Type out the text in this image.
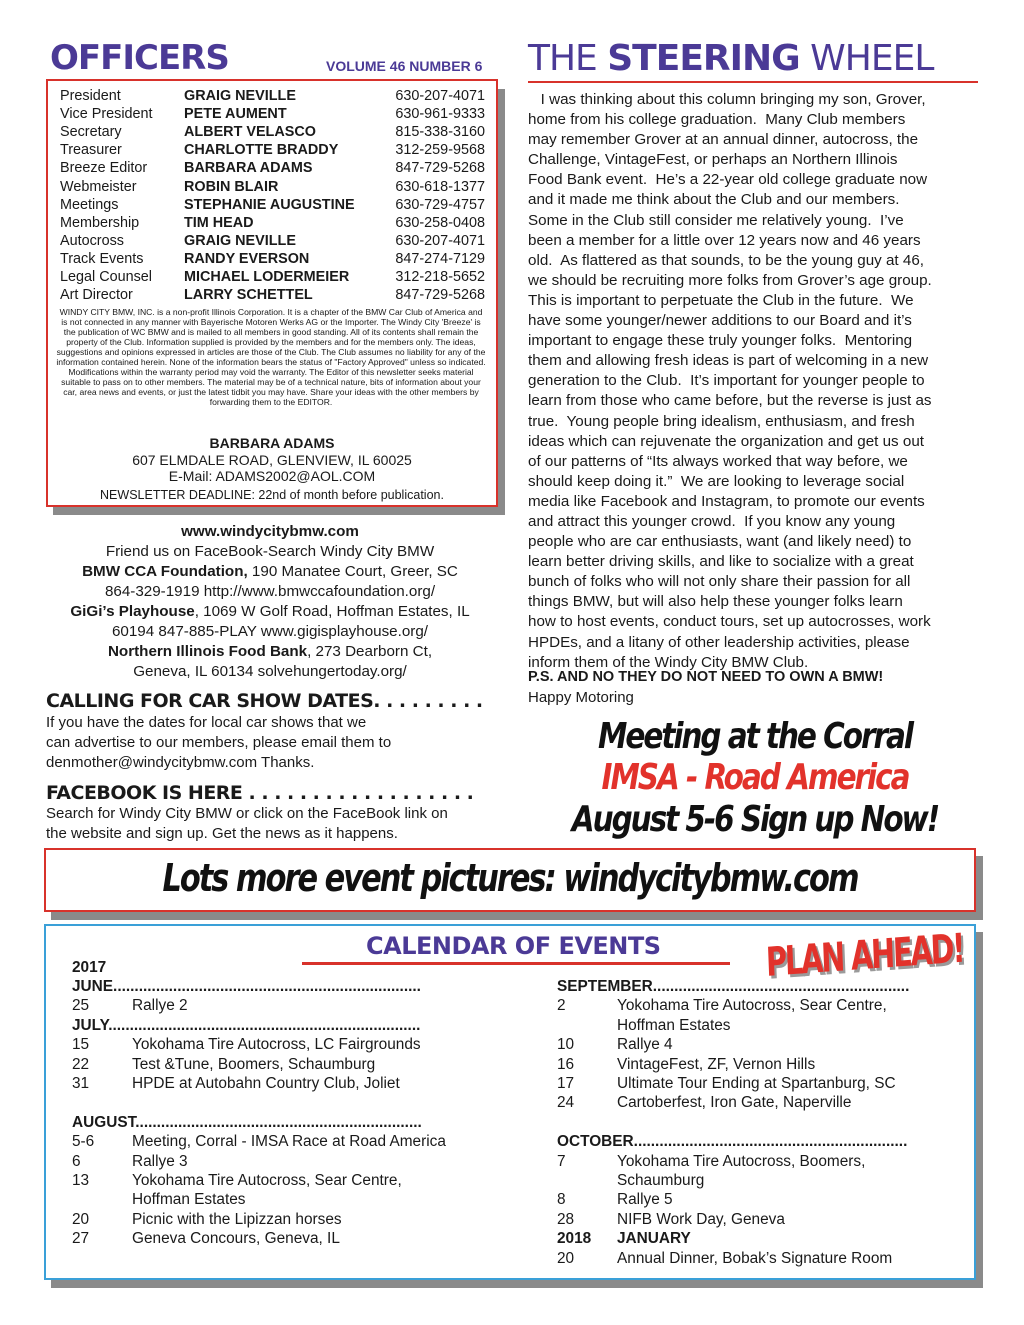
OFFICERS	VOLUME 46 NUMBER 6
President	GRAIG NEVILLE	630-207-4071
Vice President PETE AUMENT	630-961-9333
Secretary	ALBERT VELASCO	815-338-3160
Treasurer	CHARLOTTE BRADDY	312-259-9568
Breeze Editor	BARBARA ADAMS	847-729-5268
Webmeister	ROBIN BLAIR	630-618-1377
Meetings	STEPHANIE AUGUSTINE	630-729-4757
Membership	TIM HEAD	630-258-0408
Autocross	GRAIG NEVILLE	630-207-4071
Track Events	RANDY EVERSON	847-274-7129
Legal Counsel MICHAEL LODERMEIER	312-218-5652
Art Director	LARRY SCHETTEL	847-729-5268
WINDY CITY BMW, INC. is a non-profit Illinois Corporation. It is a chapter of the BMW Car Club of America and is not connected in any manner with Bayerische Motoren Werks AG or the Importer. The Windy City 'Breeze' is the publication of WC BMW and is mailed to all members in good standing. All of its contents shall remain the property of the Club. Information supplied is provided by the members and for the members only. The ideas, suggestions and opinions expressed in articles are those of the Club. The Club assumes no liability for any of the information contained herein. None of the information bears the status of "Factory Approved" unless so indicated. Modifications within the warranty period may void the warranty. The Editor of this newsletter seeks material suitable to pass on to other members. The material may be of a technical nature, bits of information about your car, area news and events, or just the latest tidbit you may have. Share your ideas with the other members by forwarding them to the EDITOR.
BARBARA ADAMS
607 ELMDALE ROAD, GLENVIEW, IL 60025
E-Mail: ADAMS2002@AOL.COM
NEWSLETTER DEADLINE: 22nd of month before publication.
www.windycitybmw.com
Friend us on FaceBook-Search Windy City BMW
BMW CCA Foundation, 190 Manatee Court, Greer, SC
864-329-1919 http://www.bmwccafoundation.org/
GiGi’s Playhouse, 1069 W Golf Road, Hoffman Estates, IL
60194 847-885-PLAY www.gigisplayhouse.org/
Northern Illinois Food Bank, 273 Dearborn Ct,
Geneva, IL 60134 solvehungertoday.org/
CALLING FOR CAR SHOW DATES. . . . . . . . .
If you have the dates for local car shows that we
can advertise to our members, please email them to
denmother@windycitybmw.com Thanks.
FACEBOOK IS HERE . . . . . . . . . . . . . . . . . .
Search for Windy City BMW or click on the FaceBook link on
the website and sign up. Get the news as it happens.
THE STEERING WHEEL

I was thinking about this column bringing my son, Grover,

home from his college graduation.  Many Club members

may remember Grover at an annual dinner, autocross, the

Challenge, VintageFest, or perhaps an Northern Illinois

Food Bank event.  He’s a 22-year old college graduate now

and it made me think about the Club and our members.

Some in the Club still consider me relatively young.  I’ve

been a member for a little over 12 years now and 46 years

old.  As flattered as that sounds, to be the young guy at 46,

we should be recruiting more folks from Grover’s age group.

This is important to perpetuate the Club in the future.  We

have some younger/newer additions to our Board and it’s

important to engage these truly younger folks.  Mentoring

them and allowing fresh ideas is part of welcoming in a new

generation to the Club.  It’s important for younger people to

learn from those who came before, but the reverse is just as

true.  Young people bring idealism, enthusiasm, and fresh

ideas which can rejuvenate the organization and get us out

of our patterns of “Its always worked that way before, we

should keep doing it.”  We are looking to leverage social

media like Facebook and Instagram, to promote our events

and attract this younger crowd.  If you know any young

people who are car enthusiasts, want (and likely need) to

learn better driving skills, and like to socialize with a great

bunch of folks who will not only share their passion for all

things BMW, but will also help these younger folks learn

how to host events, conduct tours, set up autocrosses, work

HPDEs, and a litany of other leadership activities, please

inform them of the Windy City BMW Club.

P.S. AND NO THEY DO NOT NEED TO OWN A BMW!
Happy Motoring
Meeting at the Corral
IMSA - Road America
August 5-6 Sign up Now!
Lots more event pictures: windycitybmw.com
CALENDAR OF EVENTS	PLAN AHEAD!
2017
JUNE........................................................................
25	Rallye 2
JULY.........................................................................
15	Yokohama Tire Autocross, LC Fairgrounds
22	Test &Tune, Boomers, Schaumburg
31	HPDE at Autobahn Country Club, Joliet
AUGUST...................................................................
5-6 Meeting, Corral - IMSA Race at Road America
6	Rallye 3
13	Yokohama Tire Autocross, Sear Centre,
Hoffman Estates
20	Picnic with the Lipizzan horses
27	Geneva Concours, Geneva, IL
SEPTEMBER............................................................
2	Yokohama Tire Autocross, Sear Centre,
Hoffman Estates
10	Rallye 4
16	VintageFest, ZF, Vernon Hills
17	Ultimate Tour Ending at Spartanburg, SC
24	Cartoberfest, Iron Gate, Naperville
OCTOBER................................................................
7	Yokohama Tire Autocross, Boomers,
Schaumburg
8	Rallye 5
28	NIFB Work Day, Geneva
2018 JANUARY
20	Annual Dinner, Bobak’s Signature Room
